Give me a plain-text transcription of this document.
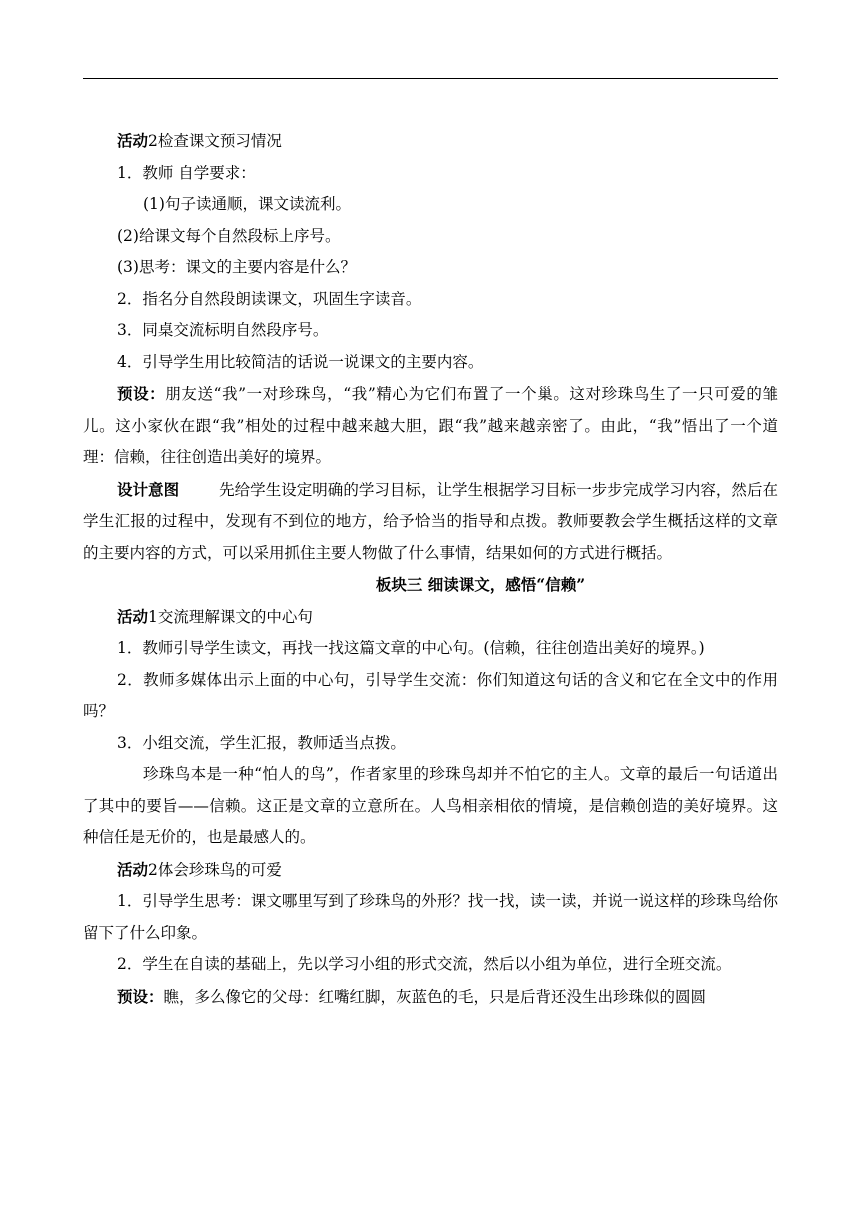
活动2检查课文预习情况

1．教师 自学要求：

(1)句子读通顺，课文读流利。

(2)给课文每个自然段标上序号。

(3)思考：课文的主要内容是什么？

2．指名分自然段朗读课文，巩固生字读音。

3．同桌交流标明自然段序号。

4．引导学生用比较简洁的话说一说课文的主要内容。

预设：朋友送“我”一对珍珠鸟，“我”精心为它们布置了一个巢。这对珍珠鸟生了一只可爱的雏儿。这小家伙在跟“我”相处的过程中越来越大胆，跟“我”越来越亲密了。由此，“我”悟出了一个道理：信赖，往往创造出美好的境界。

设计意图	先给学生设定明确的学习目标，让学生根据学习目标一步步完成学习内容，然后在学生汇报的过程中，发现有不到位的地方，给予恰当的指导和点拨。教师要教会学生概括这样的文章的主要内容的方式，可以采用抓住主要人物做了什么事情，结果如何的方式进行概括。

板块三 细读课文，感悟“信赖”

活动1交流理解课文的中心句

1．教师引导学生读文，再找一找这篇文章的中心句。(信赖，往往创造出美好的境界。)

2．教师多媒体出示上面的中心句，引导学生交流：你们知道这句话的含义和它在全文中的作用吗？

3．小组交流，学生汇报，教师适当点拨。

珍珠鸟本是一种“怕人的鸟”，作者家里的珍珠鸟却并不怕它的主人。文章的最后一句话道出了其中的要旨——信赖。这正是文章的立意所在。人鸟相亲相依的情境，是信赖创造的美好境界。这种信任是无价的，也是最感人的。

活动2体会珍珠鸟的可爱

1．引导学生思考：课文哪里写到了珍珠鸟的外形？找一找，读一读，并说一说这样的珍珠鸟给你留下了什么印象。

2．学生在自读的基础上，先以学习小组的形式交流，然后以小组为单位，进行全班交流。

预设：瞧，多么像它的父母：红嘴红脚，灰蓝色的毛，只是后背还没生出珍珠似的圆圆
